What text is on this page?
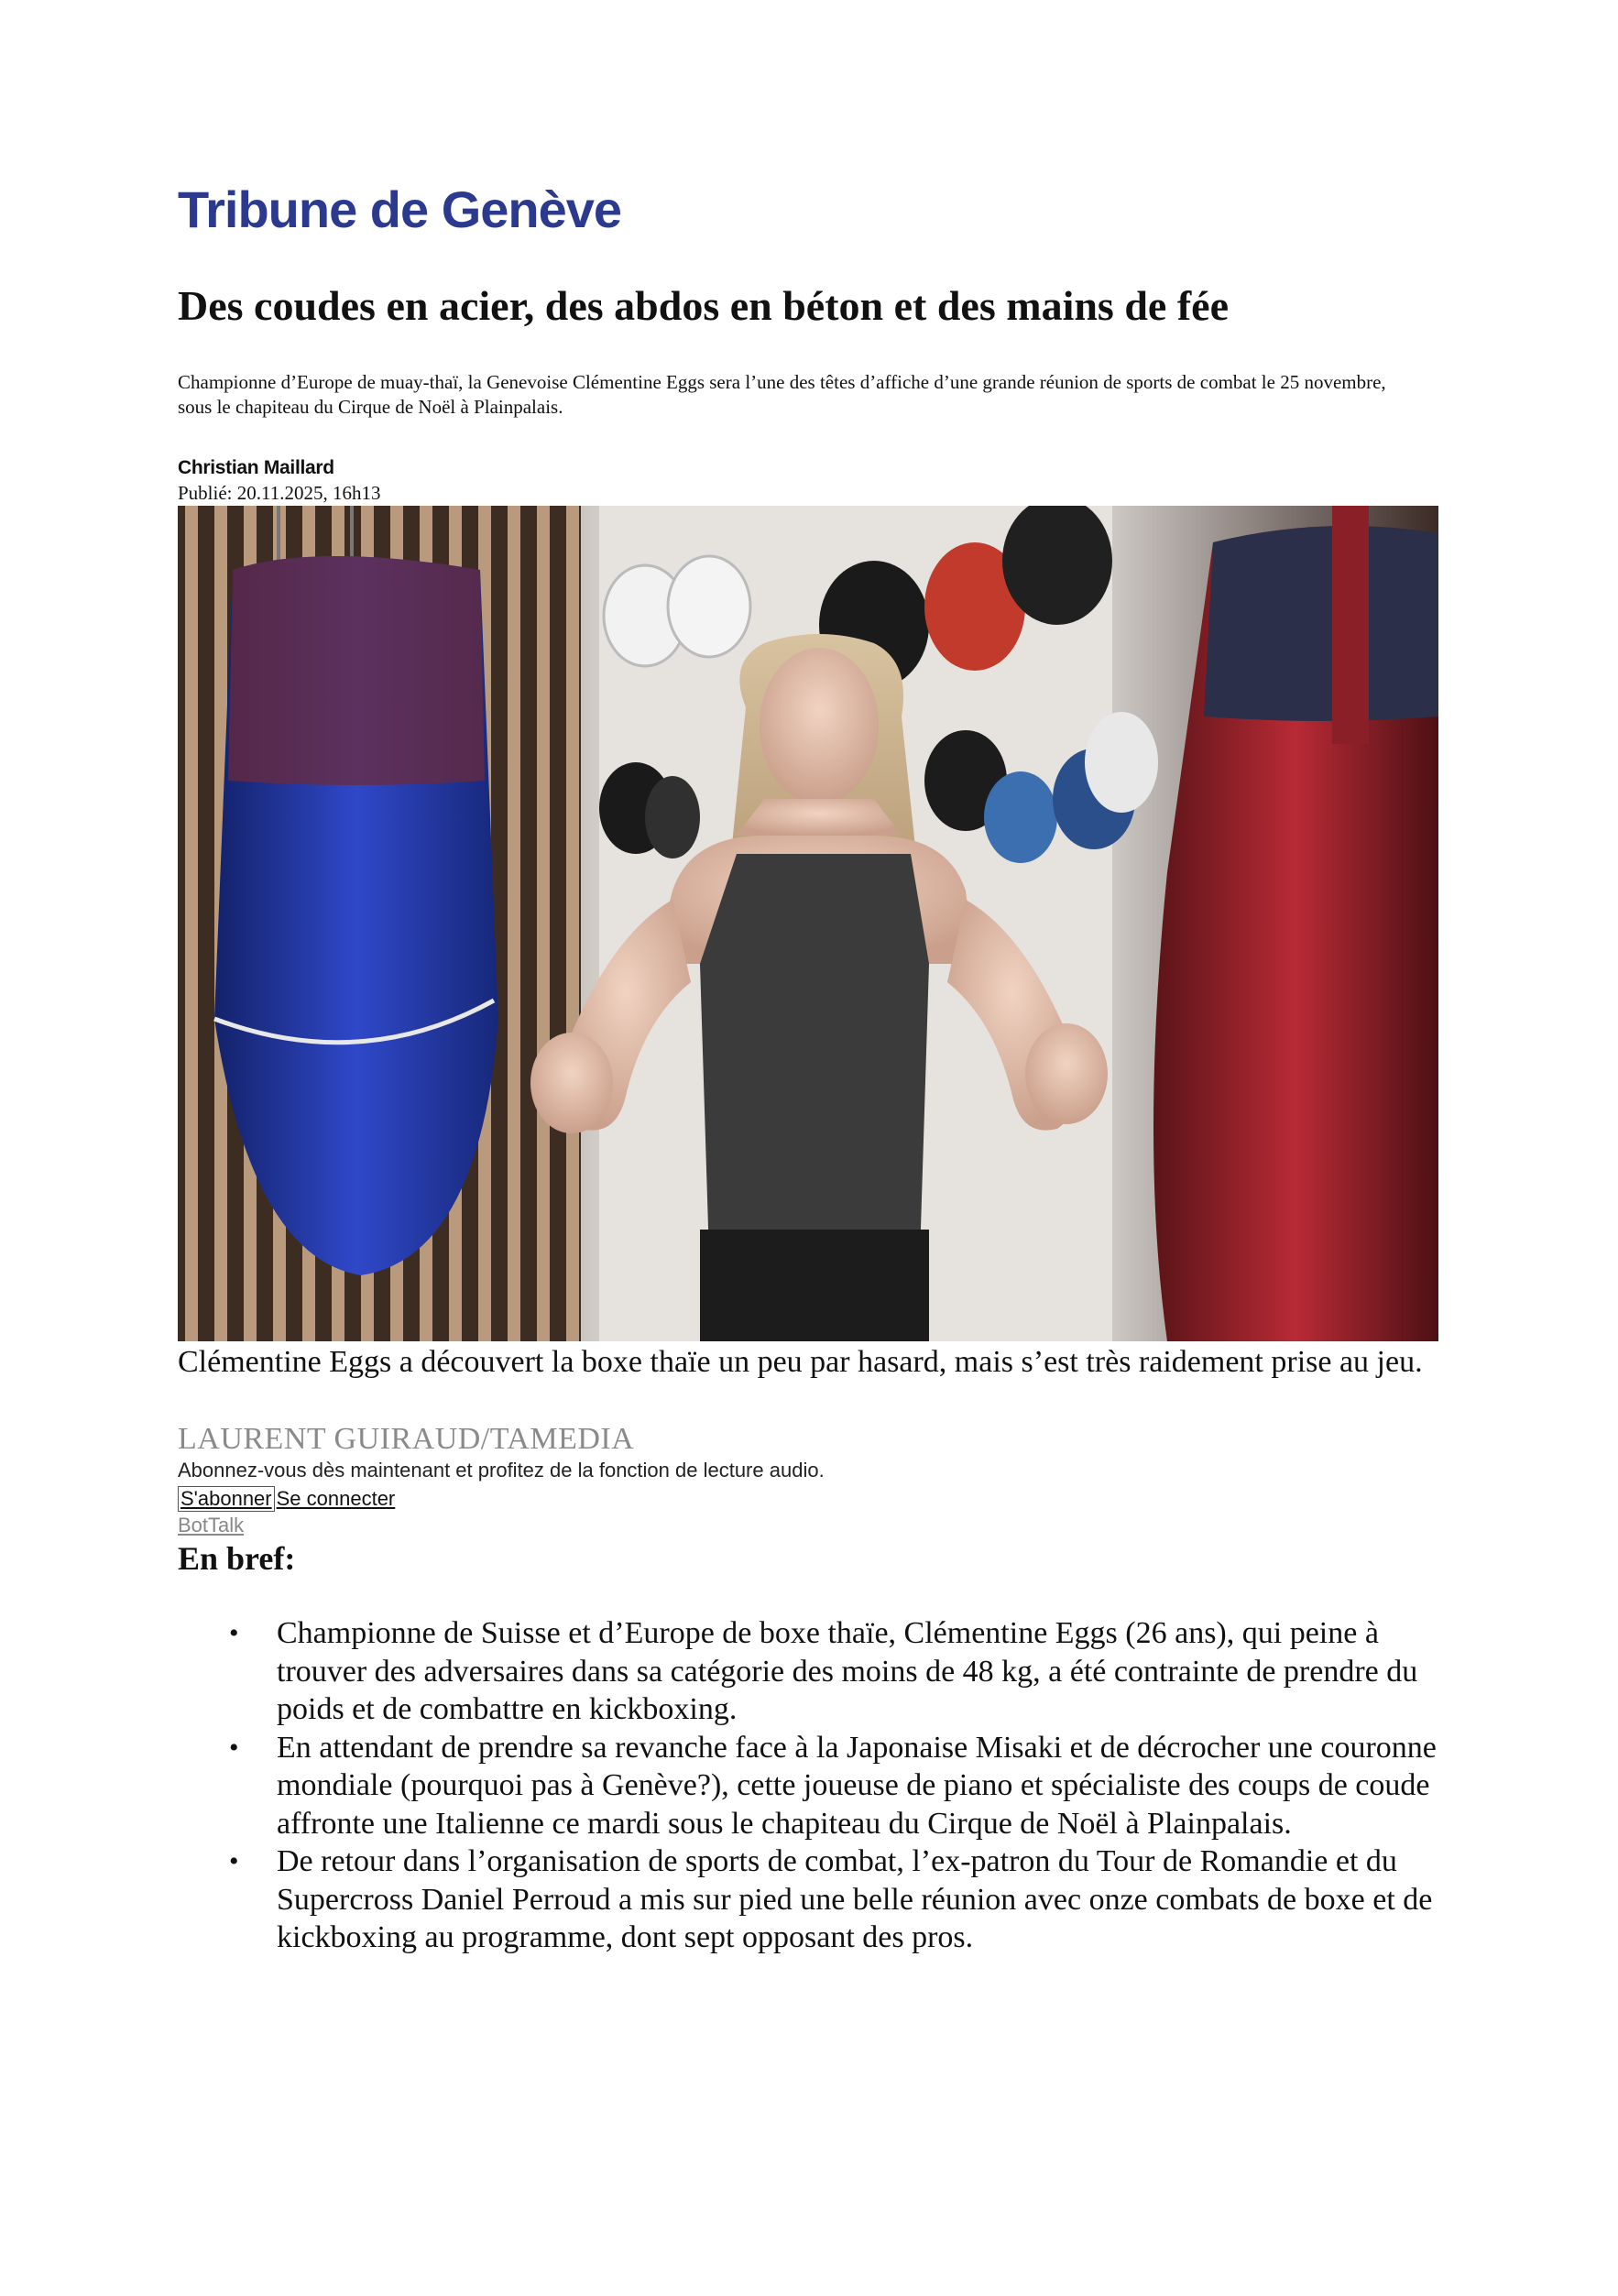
Tribune de Genève
Des coudes en acier, des abdos en béton et des mains de fée

Championne d’Europe de muay-thaï, la Genevoise Clémentine Eggs sera l’une des têtes d’affiche d’une grande réunion de sports de combat le 25 novembre, sous le chapiteau du Cirque de Noël à Plainpalais.

Christian Maillard
Publié: 20.11.2025, 16h13
Clémentine Eggs a découvert la boxe thaïe un peu par hasard, mais s’est très raidement prise au jeu.
LAURENT GUIRAUD/TAMEDIA
Abonnez-vous dès maintenant et profitez de la fonction de lecture audio.
S'abonner Se connecter
BotTalk
En bref:
• Championne de Suisse et d’Europe de boxe thaïe, Clémentine Eggs (26 ans), qui peine à trouver des adversaires dans sa catégorie des moins de 48 kg, a été contrainte de prendre du poids et de combattre en kickboxing.
• En attendant de prendre sa revanche face à la Japonaise Misaki et de décrocher une couronne mondiale (pourquoi pas à Genève?), cette joueuse de piano et spécialiste des coups de coude affronte une Italienne ce mardi sous le chapiteau du Cirque de Noël à Plainpalais.
• De retour dans l’organisation de sports de combat, l’ex-patron du Tour de Romandie et du Supercross Daniel Perroud a mis sur pied une belle réunion avec onze combats de boxe et de kickboxing au programme, dont sept opposant des pros.
